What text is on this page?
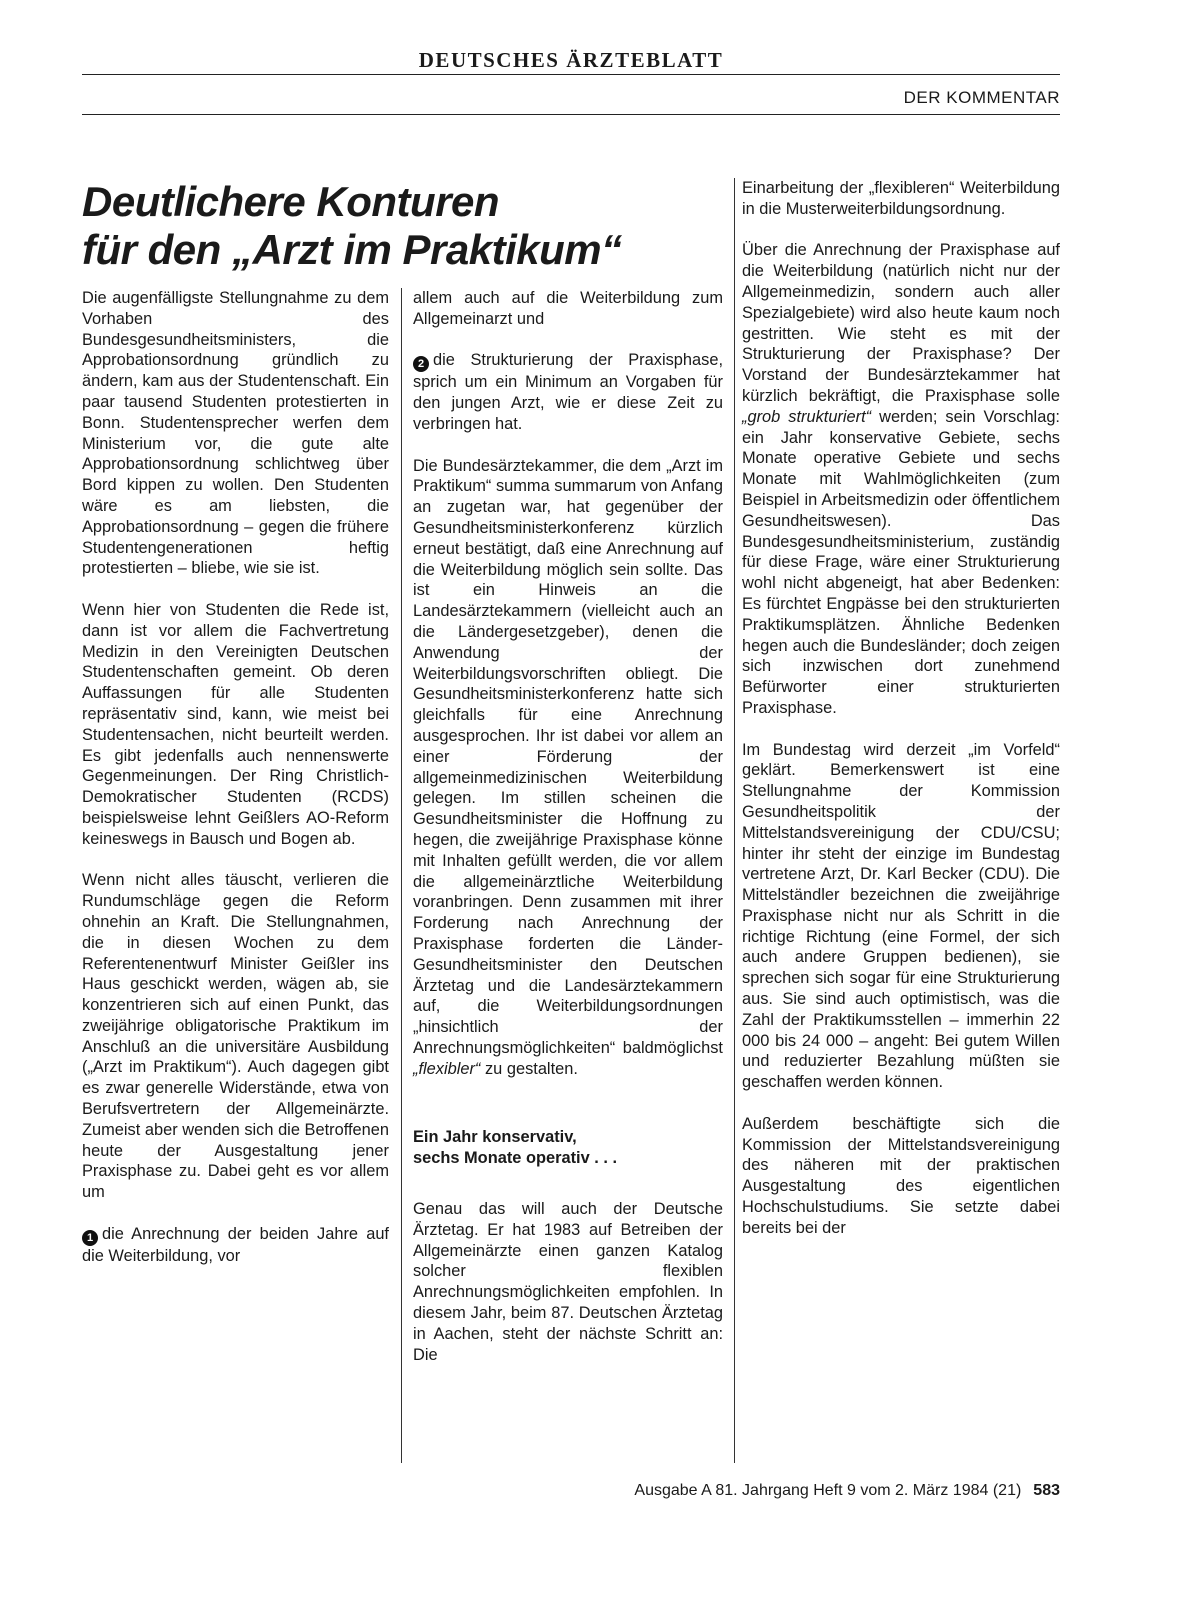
DEUTSCHES ÄRZTEBLATT
DER KOMMENTAR
Deutlichere Konturen
für den „Arzt im Praktikum“

Die augenfälligste Stellungnahme zu dem Vorhaben des Bundesgesundheitsministers, die Approbationsordnung gründlich zu ändern, kam aus der Studentenschaft. Ein paar tausend Studenten protestierten in Bonn. Studentensprecher werfen dem Ministerium vor, die gute alte Approbationsordnung schlichtweg über Bord kippen zu wollen. Den Studenten wäre es am liebsten, die Approbationsordnung – gegen die frühere Studentengenerationen heftig protestierten – bliebe, wie sie ist.

Wenn hier von Studenten die Rede ist, dann ist vor allem die Fachvertretung Medizin in den Vereinigten Deutschen Studentenschaften gemeint. Ob deren Auffassungen für alle Studenten repräsentativ sind, kann, wie meist bei Studentensachen, nicht beurteilt werden. Es gibt jedenfalls auch nennenswerte Gegenmeinungen. Der Ring Christlich-Demokratischer Studenten (RCDS) beispielsweise lehnt Geißlers AO-Reform keineswegs in Bausch und Bogen ab.

Wenn nicht alles täuscht, verlieren die Rundumschläge gegen die Reform ohnehin an Kraft. Die Stellungnahmen, die in diesen Wochen zu dem Referentenentwurf Minister Geißler ins Haus geschickt werden, wägen ab, sie konzentrieren sich auf einen Punkt, das zweijährige obligatorische Praktikum im Anschluß an die universitäre Ausbildung („Arzt im Praktikum“). Auch dagegen gibt es zwar generelle Widerstände, etwa von Berufsvertretern der Allgemeinärzte. Zumeist aber wenden sich die Betroffenen heute der Ausgestaltung jener Praxisphase zu. Dabei geht es vor allem um

1 die Anrechnung der beiden Jahre auf die Weiterbildung, vor

allem auch auf die Weiterbildung zum Allgemeinarzt und

2 die Strukturierung der Praxisphase, sprich um ein Minimum an Vorgaben für den jungen Arzt, wie er diese Zeit zu verbringen hat.

Die Bundesärztekammer, die dem „Arzt im Praktikum“ summa summarum von Anfang an zugetan war, hat gegenüber der Gesundheitsministerkonferenz kürzlich erneut bestätigt, daß eine Anrechnung auf die Weiterbildung möglich sein sollte. Das ist ein Hinweis an die Landesärztekammern (vielleicht auch an die Ländergesetzgeber), denen die Anwendung der Weiterbildungsvorschriften obliegt. Die Gesundheitsministerkonferenz hatte sich gleichfalls für eine Anrechnung ausgesprochen. Ihr ist dabei vor allem an einer Förderung der allgemeinmedizinischen Weiterbildung gelegen. Im stillen scheinen die Gesundheitsminister die Hoffnung zu hegen, die zweijährige Praxisphase könne mit Inhalten gefüllt werden, die vor allem die allgemeinärztliche Weiterbildung voranbringen. Denn zusammen mit ihrer Forderung nach Anrechnung der Praxisphase forderten die Länder-Gesundheitsminister den Deutschen Ärztetag und die Landesärztekammern auf, die Weiterbildungsordnungen „hinsichtlich der Anrechnungsmöglichkeiten“ baldmöglichst „flexibler“ zu gestalten.

Ein Jahr konservativ,
sechs Monate operativ . . .

Genau das will auch der Deutsche Ärztetag. Er hat 1983 auf Betreiben der Allgemeinärzte einen ganzen Katalog solcher flexiblen Anrechnungsmöglichkeiten empfohlen. In diesem Jahr, beim 87. Deutschen Ärztetag in Aachen, steht der nächste Schritt an: Die

Einarbeitung der „flexibleren“ Weiterbildung in die Musterweiterbildungsordnung.

Über die Anrechnung der Praxisphase auf die Weiterbildung (natürlich nicht nur der Allgemeinmedizin, sondern auch aller Spezialgebiete) wird also heute kaum noch gestritten. Wie steht es mit der Strukturierung der Praxisphase? Der Vorstand der Bundesärztekammer hat kürzlich bekräftigt, die Praxisphase solle „grob strukturiert“ werden; sein Vorschlag: ein Jahr konservative Gebiete, sechs Monate operative Gebiete und sechs Monate mit Wahlmöglichkeiten (zum Beispiel in Arbeitsmedizin oder öffentlichem Gesundheitswesen). Das Bundesgesundheitsministerium, zuständig für diese Frage, wäre einer Strukturierung wohl nicht abgeneigt, hat aber Bedenken: Es fürchtet Engpässe bei den strukturierten Praktikumsplätzen. Ähnliche Bedenken hegen auch die Bundesländer; doch zeigen sich inzwischen dort zunehmend Befürworter einer strukturierten Praxisphase.

Im Bundestag wird derzeit „im Vorfeld“ geklärt. Bemerkenswert ist eine Stellungnahme der Kommission Gesundheitspolitik der Mittelstandsvereinigung der CDU/CSU; hinter ihr steht der einzige im Bundestag vertretene Arzt, Dr. Karl Becker (CDU). Die Mittelständler bezeichnen die zweijährige Praxisphase nicht nur als Schritt in die richtige Richtung (eine Formel, der sich auch andere Gruppen bedienen), sie sprechen sich sogar für eine Strukturierung aus. Sie sind auch optimistisch, was die Zahl der Praktikumsstellen – immerhin 22 000 bis 24 000 – angeht: Bei gutem Willen und reduzierter Bezahlung müßten sie geschaffen werden können.

Außerdem beschäftigte sich die Kommission der Mittelstandsvereinigung des näheren mit der praktischen Ausgestaltung des eigentlichen Hochschulstudiums. Sie setzte dabei bereits bei der

Ausgabe A 81. Jahrgang Heft 9 vom 2. März 1984 (21) 583
